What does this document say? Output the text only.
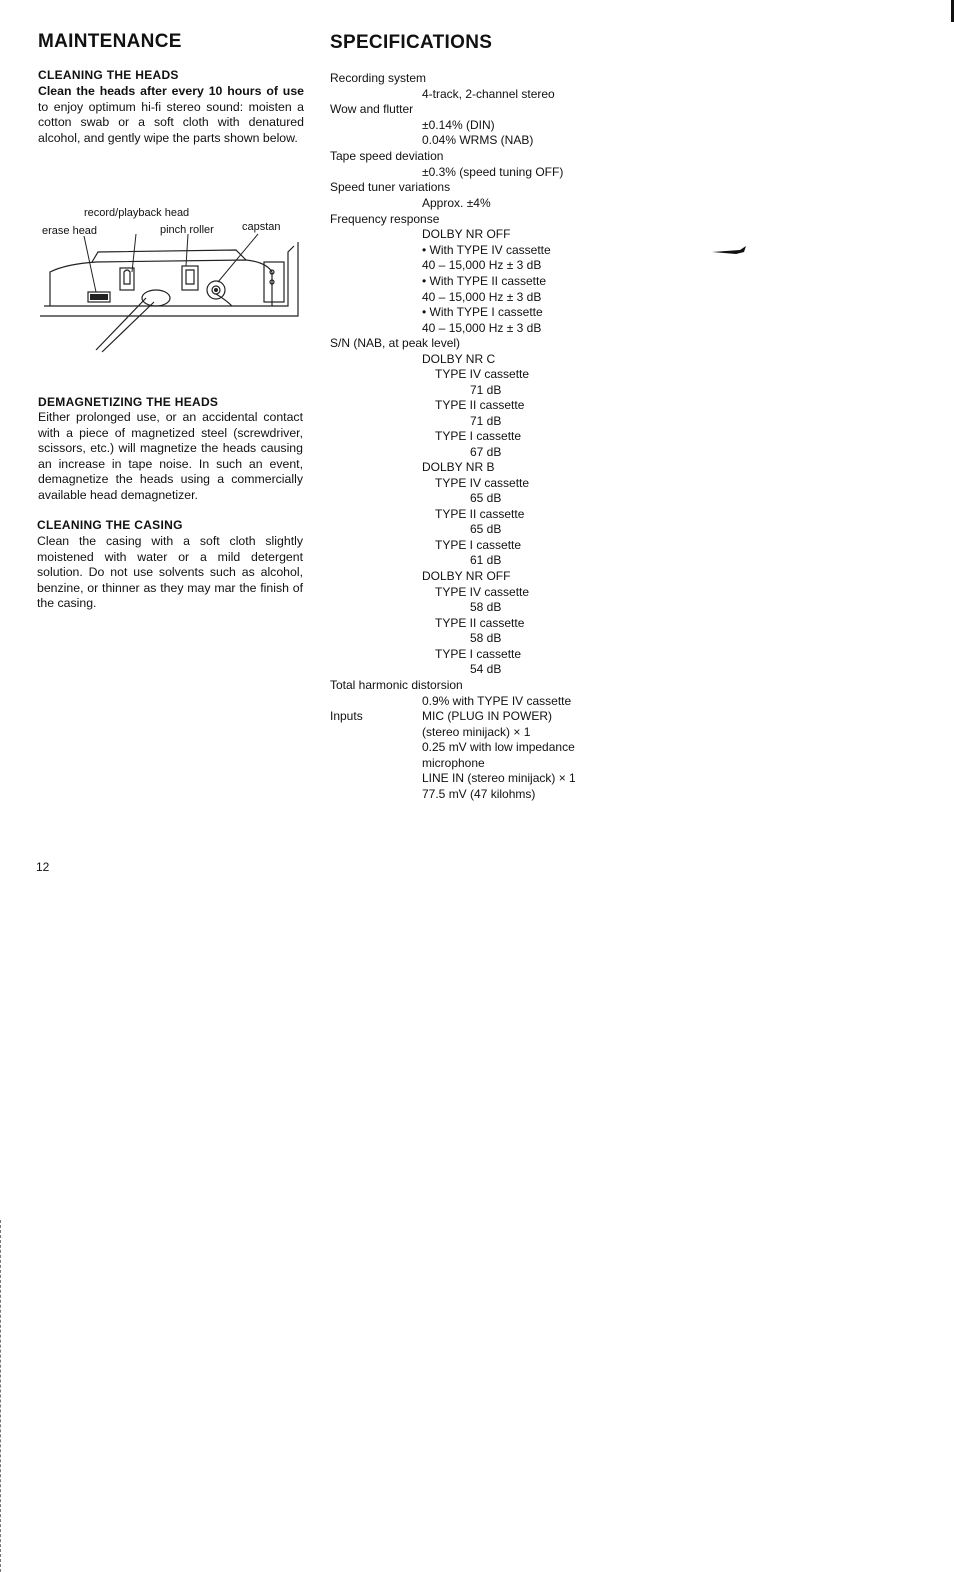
MAINTENANCE
CLEANING THE HEADS
Clean the heads after every 10 hours of use to enjoy optimum hi-fi stereo sound: moisten a cotton swab or a soft cloth with denatured alcohol, and gently wipe the parts shown below.
record/playback head
erase head	pinch roller	capstan
DEMAGNETIZING THE HEADS
Either prolonged use, or an accidental contact with a piece of magnetized steel (screwdriver, scissors, etc.) will magnetize the heads causing an increase in tape noise. In such an event, demagnetize the heads using a commercially available head demagnetizer.
CLEANING THE CASING
Clean the casing with a soft cloth slightly moistened with water or a mild detergent solution. Do not use solvents such as alcohol, benzine, or thinner as they may mar the finish of the casing.
12
SPECIFICATIONS
Recording system
4-track, 2-channel stereo
Wow and flutter
±0.14% (DIN)
0.04% WRMS (NAB)
Tape speed deviation
±0.3% (speed tuning OFF)
Speed tuner variations
Approx. ±4%
Frequency response
DOLBY NR OFF
• With TYPE IV cassette
40 – 15,000 Hz ± 3 dB
• With TYPE II cassette
40 – 15,000 Hz ± 3 dB
• With TYPE I cassette
40 – 15,000 Hz ± 3 dB
S/N (NAB, at peak level)
DOLBY NR C
TYPE IV cassette
71 dB
TYPE II cassette
71 dB
TYPE I cassette
67 dB
DOLBY NR B
TYPE IV cassette
65 dB
TYPE II cassette
65 dB
TYPE I cassette
61 dB
DOLBY NR OFF
TYPE IV cassette
58 dB
TYPE II cassette
58 dB
TYPE I cassette
54 dB
Total harmonic distorsion
0.9% with TYPE IV cassette
Inputs	MIC (PLUG IN POWER)
(stereo minijack) × 1
0.25 mV with low impedance
microphone
LINE IN (stereo minijack) × 1
77.5 mV (47 kilohms)
